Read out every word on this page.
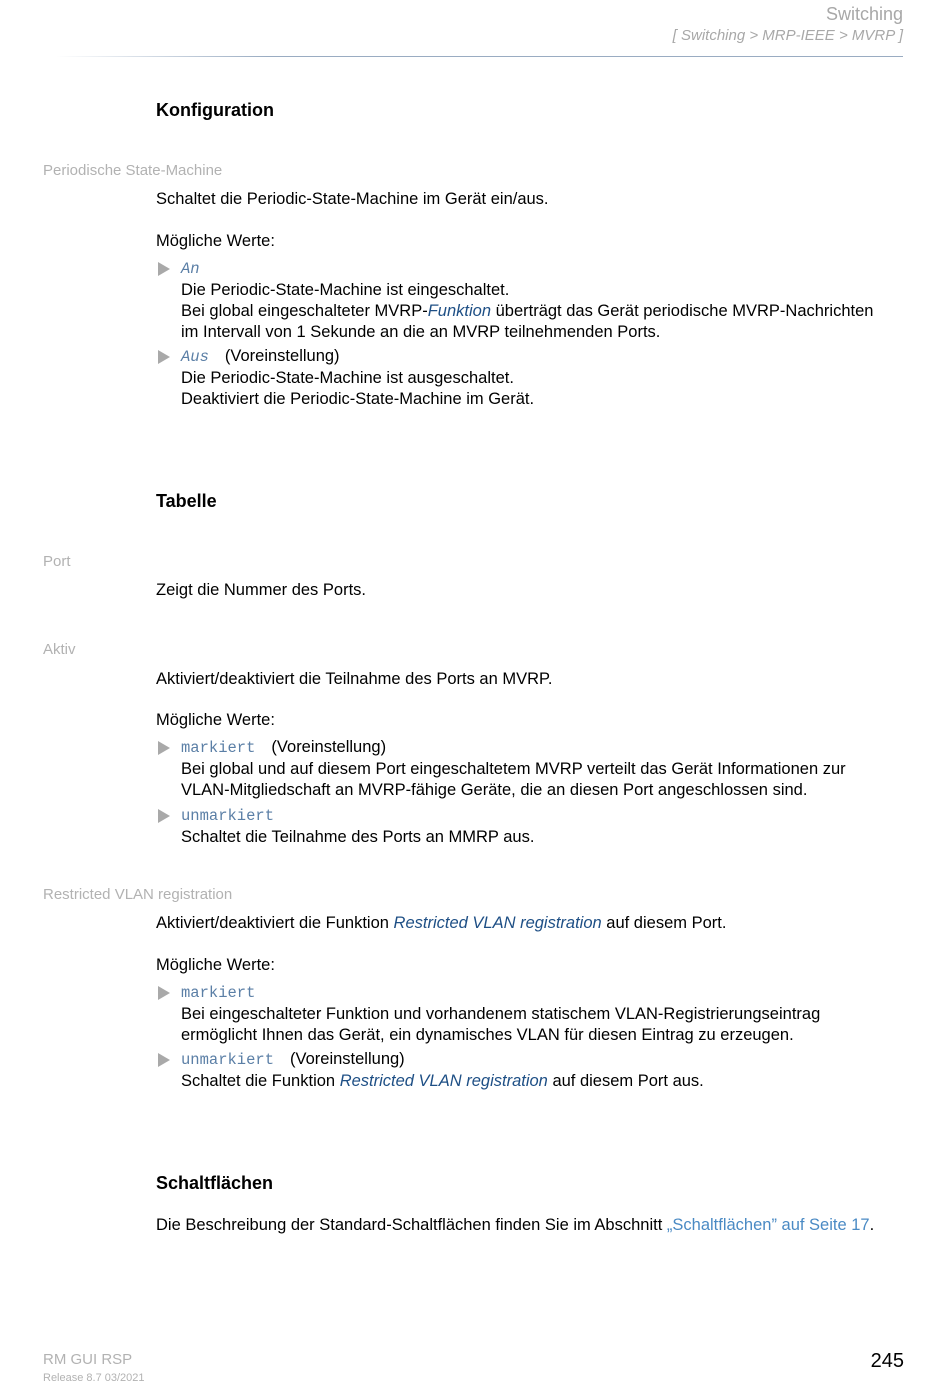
Switching
[ Switching > MRP-IEEE > MVRP ]
Konfiguration
Periodische State-Machine
Schaltet die Periodic-State-Machine im Gerät ein/aus.
Mögliche Werte:
An
Die Periodic-State-Machine ist eingeschaltet.
Bei global eingeschalteter MVRP-Funktion überträgt das Gerät periodische MVRP-Nachrichten
im Intervall von 1 Sekunde an die an MVRP teilnehmenden Ports.
Aus (Voreinstellung)
Die Periodic-State-Machine ist ausgeschaltet.
Deaktiviert die Periodic-State-Machine im Gerät.
Tabelle
Port
Zeigt die Nummer des Ports.
Aktiv
Aktiviert/deaktiviert die Teilnahme des Ports an MVRP.
Mögliche Werte:
markiert (Voreinstellung)
Bei global und auf diesem Port eingeschaltetem MVRP verteilt das Gerät Informationen zur
VLAN-Mitgliedschaft an MVRP-fähige Geräte, die an diesen Port angeschlossen sind.
unmarkiert
Schaltet die Teilnahme des Ports an MMRP aus.
Restricted VLAN registration
Aktiviert/deaktiviert die Funktion Restricted VLAN registration auf diesem Port.
Mögliche Werte:
markiert
Bei eingeschalteter Funktion und vorhandenem statischem VLAN-Registrierungseintrag
ermöglicht Ihnen das Gerät, ein dynamisches VLAN für diesen Eintrag zu erzeugen.
unmarkiert (Voreinstellung)
Schaltet die Funktion Restricted VLAN registration auf diesem Port aus.
Schaltflächen
Die Beschreibung der Standard-Schaltflächen finden Sie im Abschnitt „Schaltflächen” auf Seite 17.
RM GUI RSP
Release 8.7 03/2021
245
